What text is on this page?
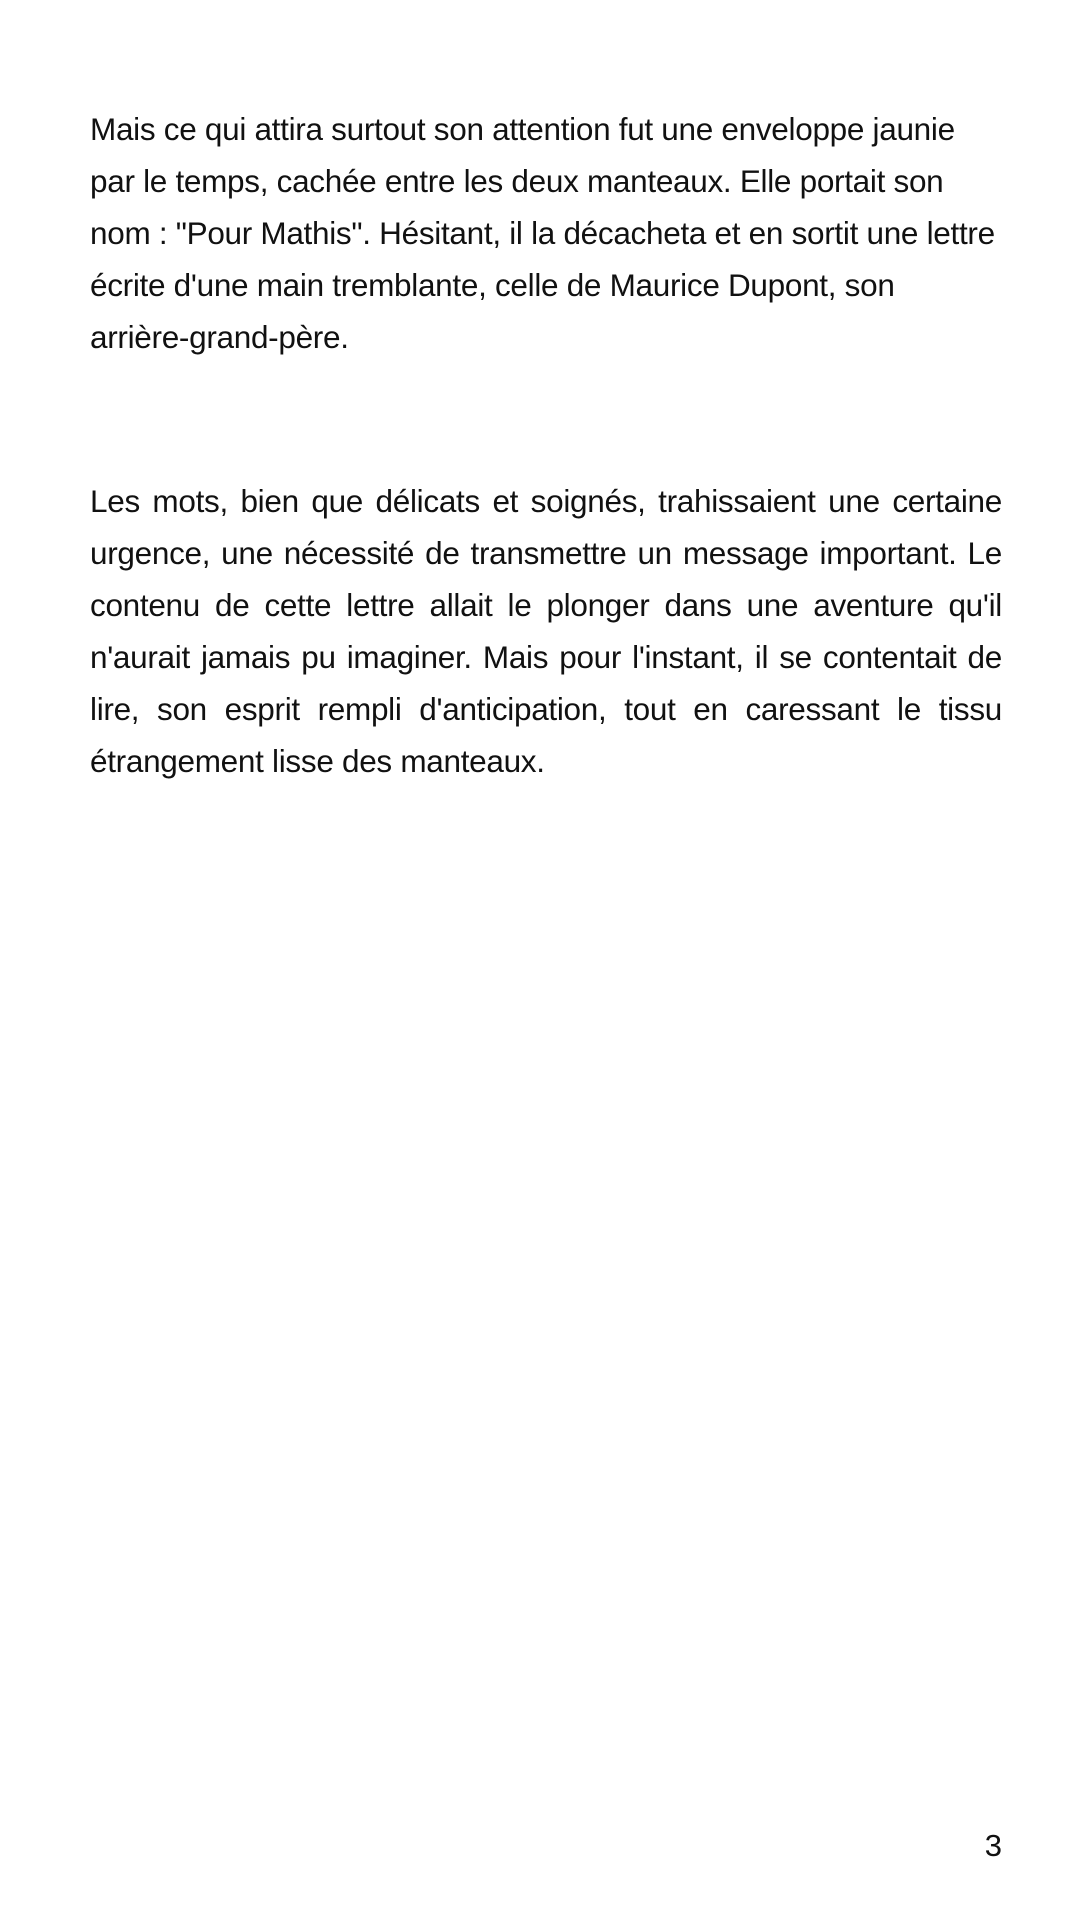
Mais ce qui attira surtout son attention fut une enveloppe jaunie par le temps, cachée entre les deux manteaux. Elle portait son nom : "Pour Mathis". Hésitant, il la décacheta et en sortit une lettre écrite d'une main tremblante, celle de Maurice Dupont, son arrière-grand-père.

Les mots, bien que délicats et soignés, trahissaient une certaine urgence, une nécessité de transmettre un message important. Le contenu de cette lettre allait le plonger dans une aventure qu'il n'aurait jamais pu imaginer. Mais pour l'instant, il se contentait de lire, son esprit rempli d'anticipation, tout en caressant le tissu étrangement lisse des manteaux.

3
